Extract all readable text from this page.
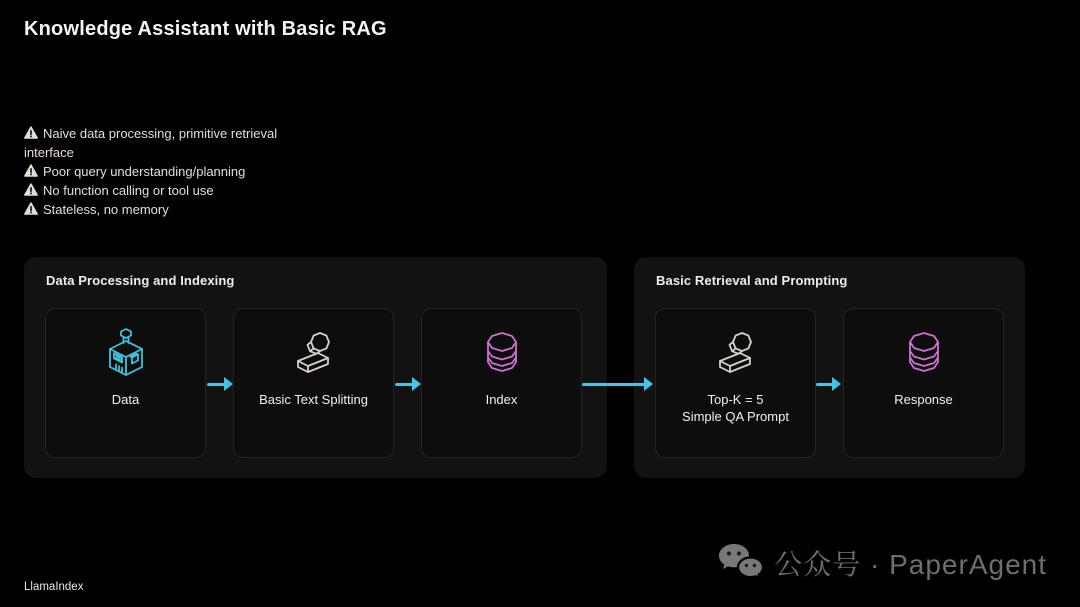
Knowledge Assistant with Basic RAG
Naive data processing, primitive retrieval interface
Poor query understanding/planning
No function calling or tool use
Stateless, no memory
Data Processing and Indexing
Data	Basic Text Splitting	Index
Basic Retrieval and Prompting
Top-K = 5
Simple QA Prompt
Response
LlamaIndex
公众号 · PaperAgent
